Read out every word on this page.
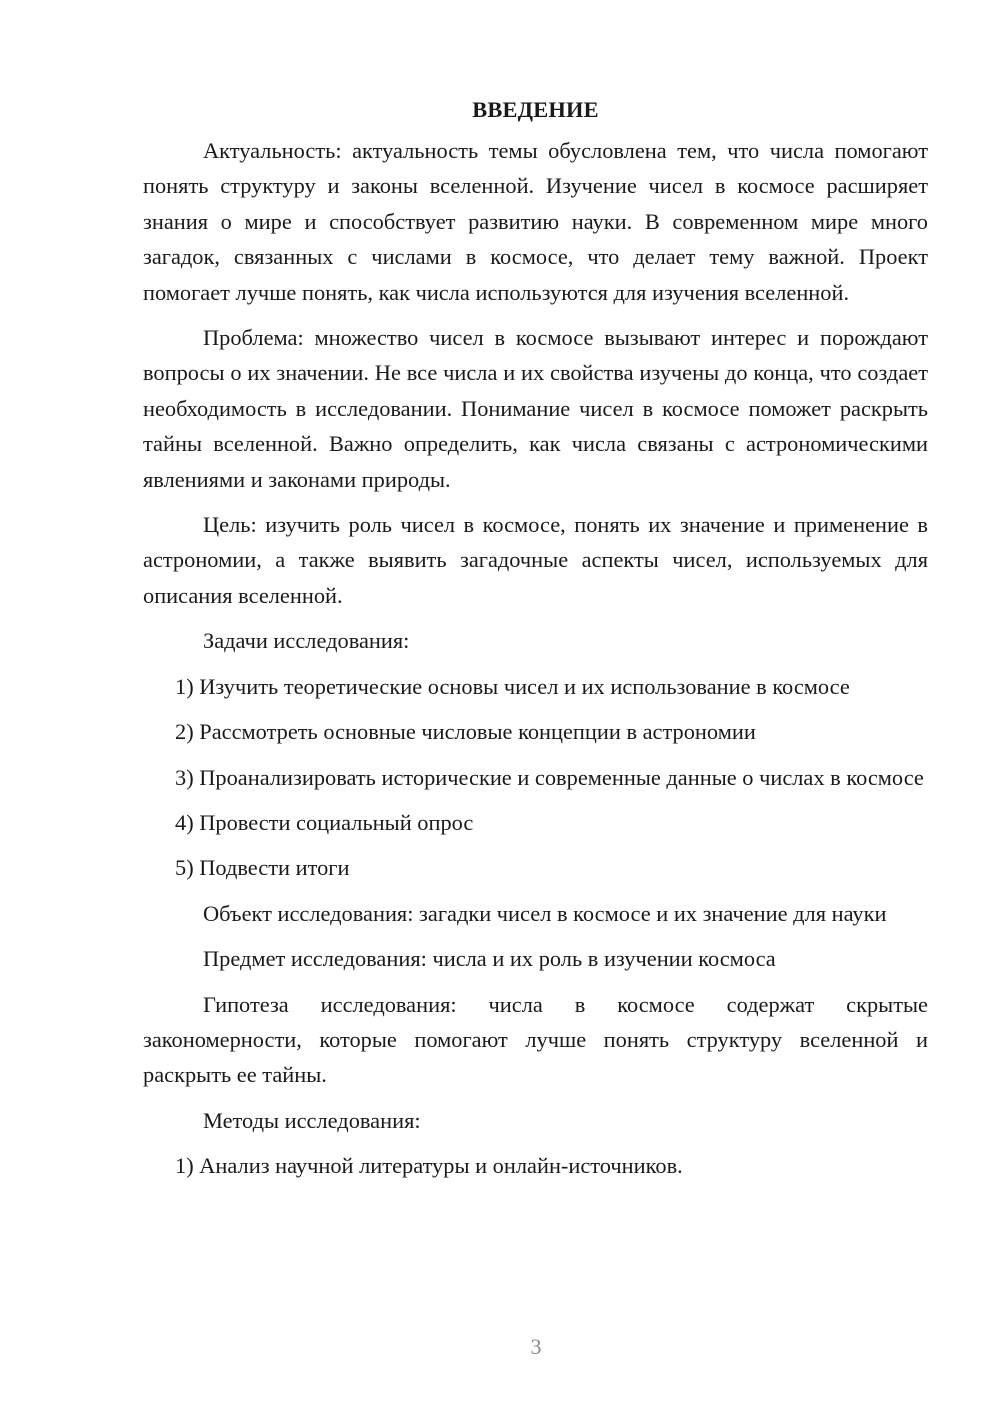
ВВЕДЕНИЕ

Актуальность: актуальность темы обусловлена тем, что числа помогают понять структуру и законы вселенной. Изучение чисел в космосе расширяет знания о мире и способствует развитию науки. В современном мире много загадок, связанных с числами в космосе, что делает тему важной. Проект помогает лучше понять, как числа используются для изучения вселенной.

Проблема: множество чисел в космосе вызывают интерес и порождают вопросы о их значении. Не все числа и их свойства изучены до конца, что создает необходимость в исследовании. Понимание чисел в космосе поможет раскрыть тайны вселенной. Важно определить, как числа связаны с астрономическими явлениями и законами природы.

Цель: изучить роль чисел в космосе, понять их значение и применение в астрономии, а также выявить загадочные аспекты чисел, используемых для описания вселенной.

Задачи исследования:

1) Изучить теоретические основы чисел и их использование в космосе

2) Рассмотреть основные числовые концепции в астрономии

3) Проанализировать исторические и современные данные о числах в космосе

4) Провести социальный опрос

5) Подвести итоги

Объект исследования: загадки чисел в космосе и их значение для науки

Предмет исследования: числа и их роль в изучении космоса

Гипотеза исследования: числа в космосе содержат скрытые закономерности, которые помогают лучше понять структуру вселенной и раскрыть ее тайны.

Методы исследования:

1) Анализ научной литературы и онлайн-источников.

3
